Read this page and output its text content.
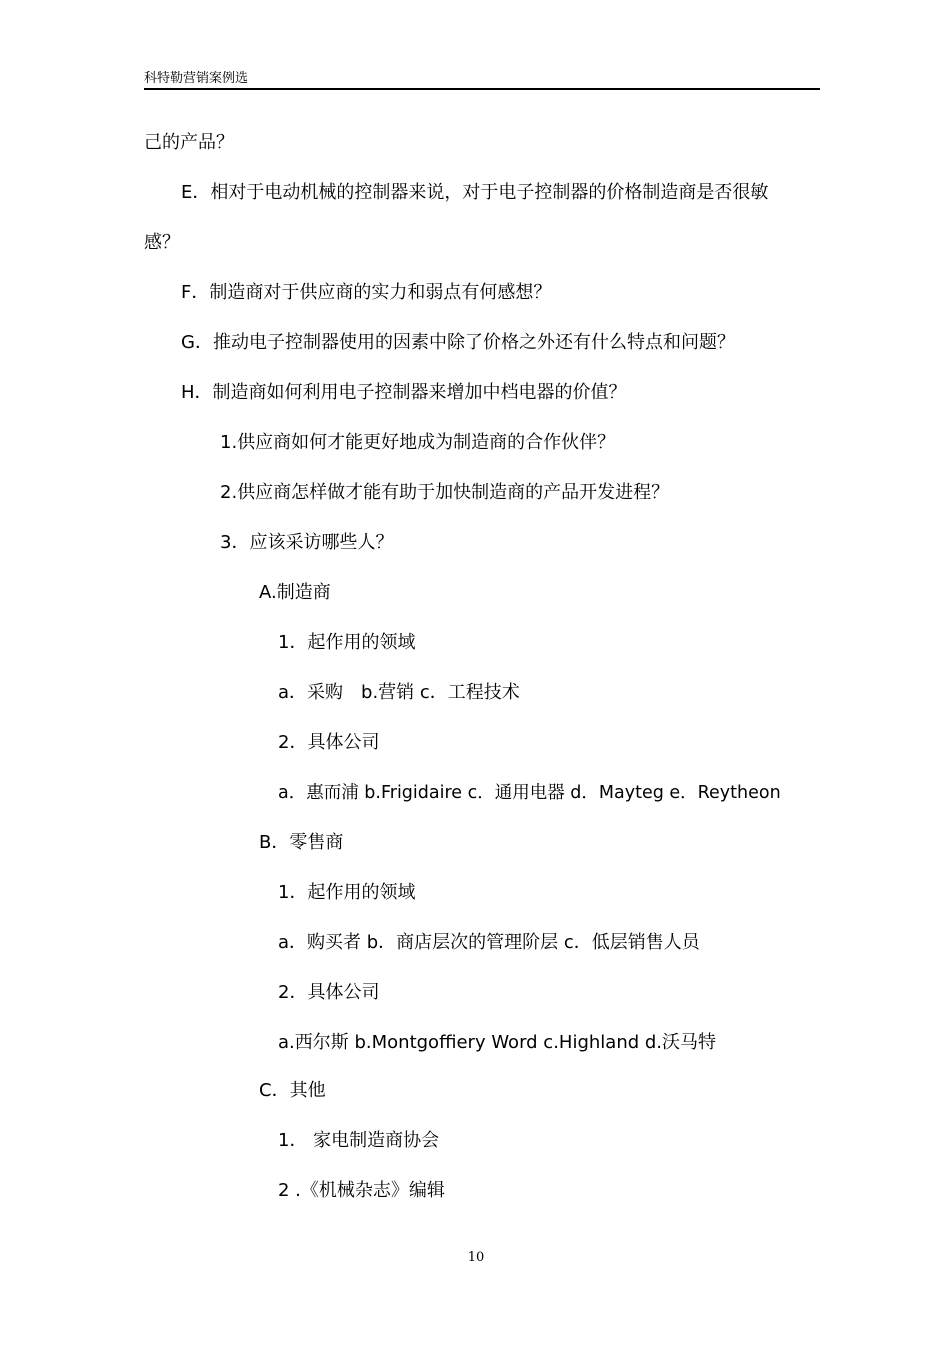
科特勒营销案例选
己的产品？
E．相对于电动机械的控制器来说，对于电子控制器的价格制造商是否很敏
感？
F．制造商对于供应商的实力和弱点有何感想？
G．推动电子控制器使用的因素中除了价格之外还有什么特点和问题？
H．制造商如何利用电子控制器来增加中档电器的价值？
1.供应商如何才能更好地成为制造商的合作伙伴？
2.供应商怎样做才能有助于加快制造商的产品开发进程？
3．应该采访哪些人？
A.制造商
1．起作用的领域
a．采购　b.营销 c．工程技术
2．具体公司
a．惠而浦 b.Frigidaire c．通用电器 d．Mayteg e．Reytheon
B．零售商
1．起作用的领域
a．购买者 b．商店层次的管理阶层 c．低层销售人员
2．具体公司
a.西尔斯 b.Montgoffiery Word c.Highland d.沃马特
C．其他
1． 家电制造商协会
2 .《机械杂志》编辑
10
